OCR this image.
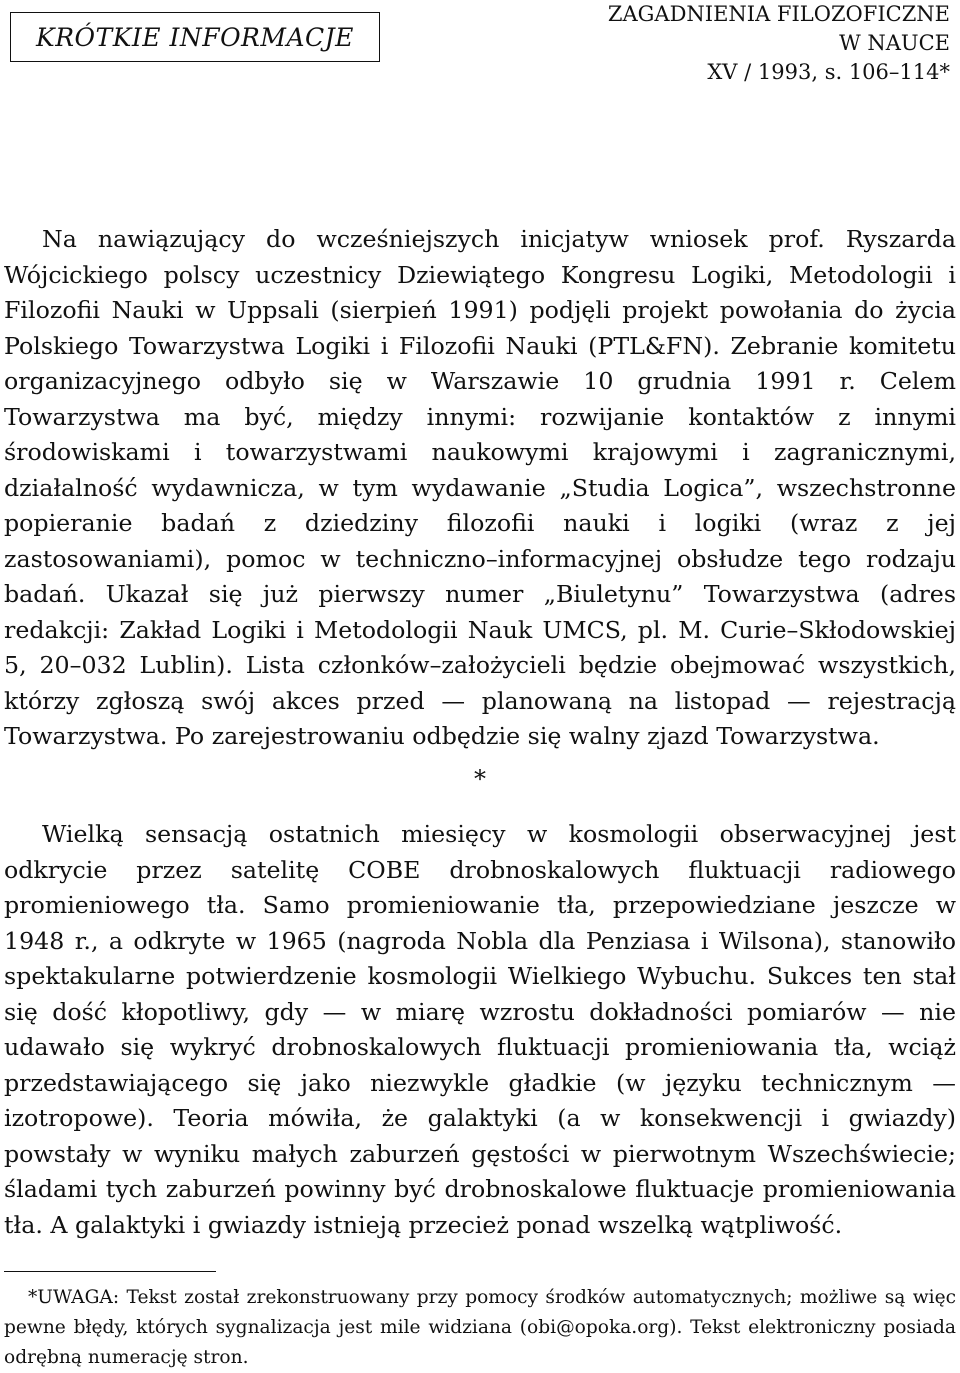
KRÓTKIE INFORMACJE
ZAGADNIENIA FILOZOFICZNE
W NAUCE
XV / 1993, s. 106–114*

Na nawiązujący do wcześniejszych inicjatyw wniosek prof. Ryszarda Wójcickiego polscy uczestnicy Dziewiątego Kongresu Logiki, Metodologii i Filozofii Nauki w Uppsali (sierpień 1991) podjęli projekt powołania do życia Polskiego Towarzystwa Logiki i Filozofii Nauki (PTL&FN). Zebranie komitetu organizacyjnego odbyło się w Warszawie 10 grudnia 1991 r. Celem Towarzystwa ma być, między innymi: rozwijanie kontaktów z innymi środowiskami i towarzystwami naukowymi krajowymi i zagranicznymi, działalność wydawnicza, w tym wydawanie „Studia Logica”, wszechstronne popieranie badań z dziedziny filozofii nauki i logiki (wraz z jej zastosowaniami), pomoc w techniczno–informacyjnej obsłudze tego rodzaju badań. Ukazał się już pierwszy numer „Biuletynu” Towarzystwa (adres redakcji: Zakład Logiki i Metodologii Nauk UMCS, pl. M. Curie–Skłodowskiej 5, 20–032 Lublin). Lista członków–założycieli będzie obejmować wszystkich, którzy zgłoszą swój akces przed — planowaną na listopad — rejestracją Towarzystwa. Po zarejestrowaniu odbędzie się walny zjazd Towarzystwa.

*

Wielką sensacją ostatnich miesięcy w kosmologii obserwacyjnej jest odkrycie przez satelitę COBE drobnoskalowych fluktuacji radiowego promieniowego tła. Samo promieniowanie tła, przepowiedziane jeszcze w 1948 r., a odkryte w 1965 (nagroda Nobla dla Penziasa i Wilsona), stanowiło spektakularne potwierdzenie kosmologii Wielkiego Wybuchu. Sukces ten stał się dość kłopotliwy, gdy — w miarę wzrostu dokładności pomiarów — nie udawało się wykryć drobnoskalowych fluktuacji promieniowania tła, wciąż przedstawiającego się jako niezwykle gładkie (w języku technicznym — izotropowe). Teoria mówiła, że galaktyki (a w konsekwencji i gwiazdy) powstały w wyniku małych zaburzeń gęstości w pierwotnym Wszechświecie; śladami tych zaburzeń powinny być drobnoskalowe fluktuacje promieniowania tła. A galaktyki i gwiazdy istnieją przecież ponad wszelką wątpliwość.

*UWAGA: Tekst został zrekonstruowany przy pomocy środków automatycznych; możliwe są więc pewne błędy, których sygnalizacja jest mile widziana (obi@opoka.org). Tekst elektroniczny posiada odrębną numerację stron.
